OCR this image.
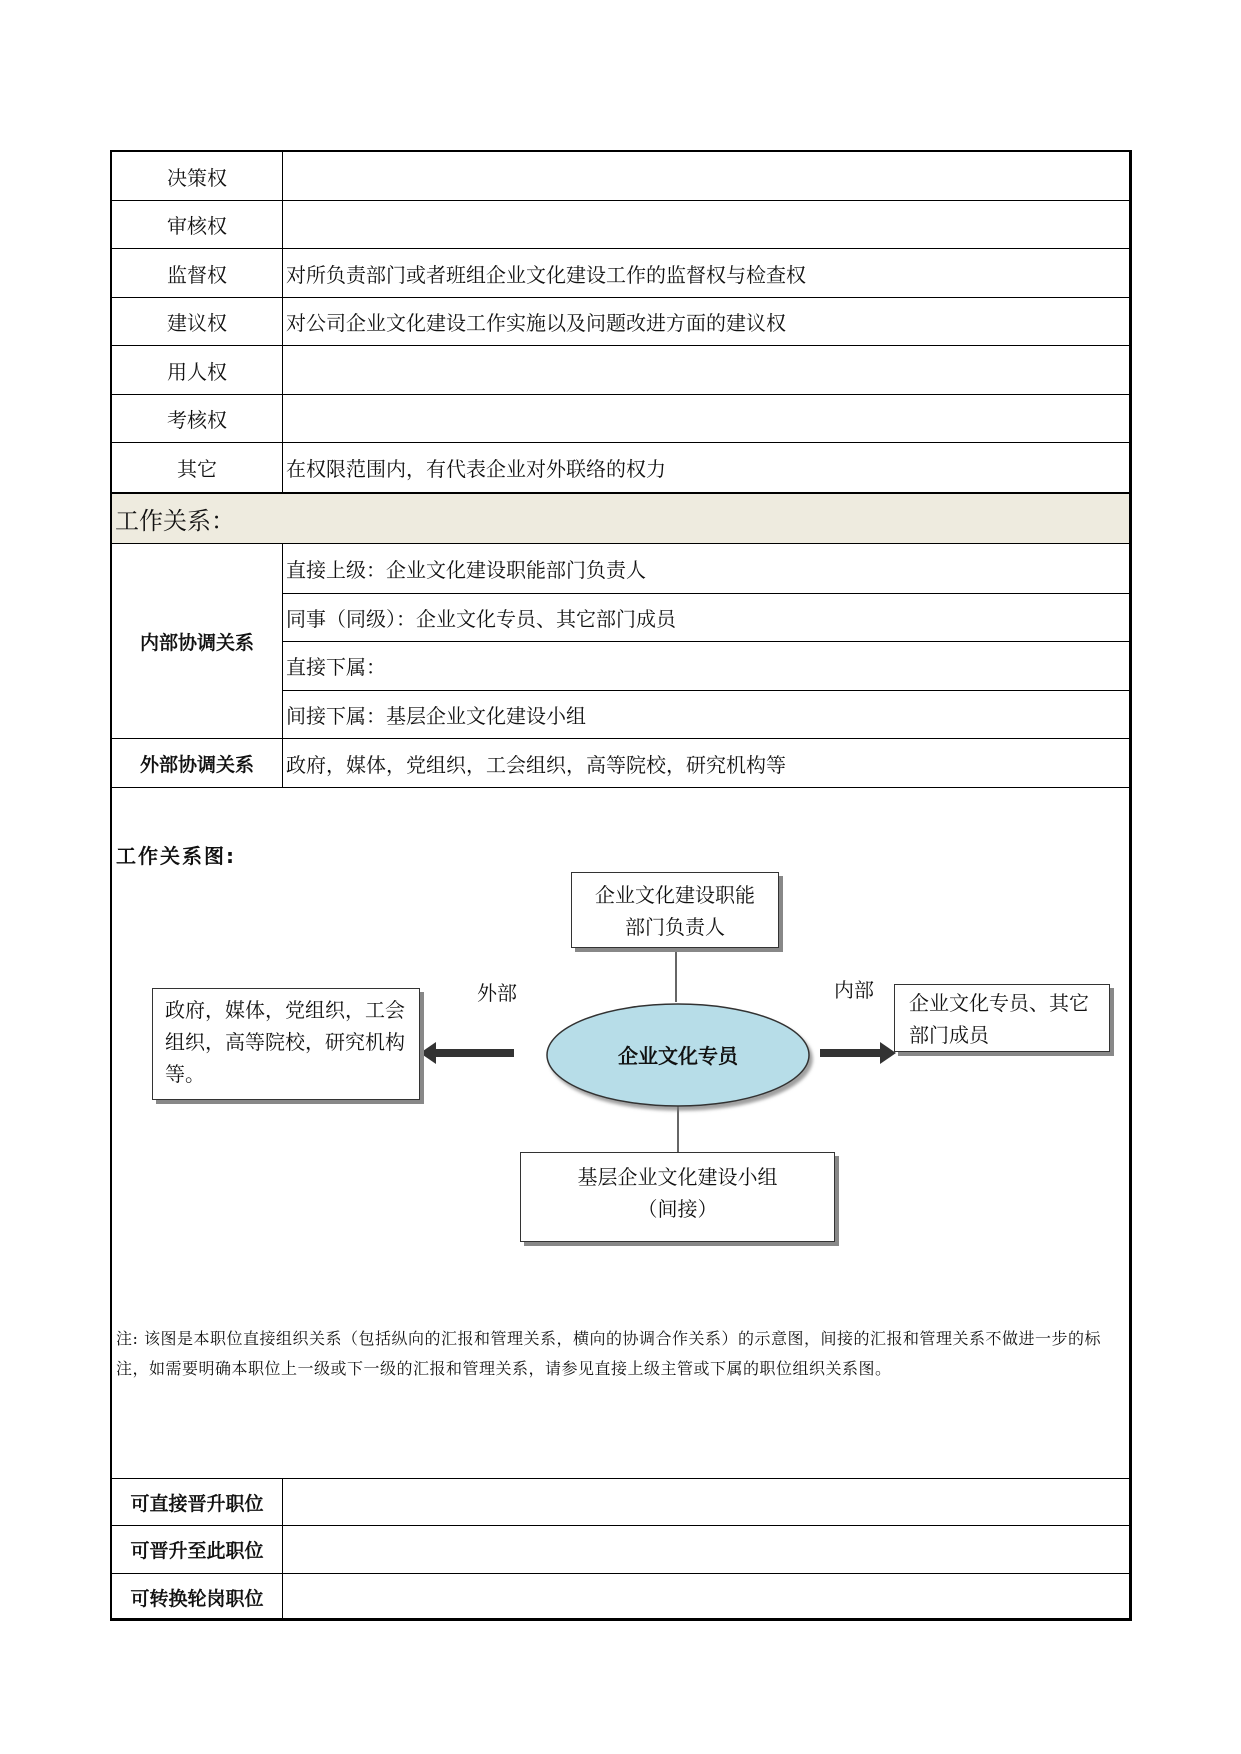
决策权
审核权
监督权	对所负责部门或者班组企业文化建设工作的监督权与检查权
建议权	对公司企业文化建设工作实施以及问题改进方面的建议权
用人权
考核权
其它	在权限范围内，有代表企业对外联络的权力
工作关系：
内部协调关系
直接上级：企业文化建设职能部门负责人
同事（同级）：企业文化专员、其它部门成员
直接下属：
间接下属：基层企业文化建设小组
外部协调关系	政府，媒体，党组织，工会组织，高等院校，研究机构等
工作关系图:
企业文化建设职能部门负责人
企业文化专员
政府，媒体，党组织，工会组织，高等院校，研究机构等。
企业文化专员、其它部门成员
基层企业文化建设小组
（间接）
外部	内部
注: 该图是本职位直接组织关系（包括纵向的汇报和管理关系，横向的协调合作关系）的示意图，间接的汇报和管理关系不做进一步的标注，如需要明确本职位上一级或下一级的汇报和管理关系，请参见直接上级主管或下属的职位组织关系图。
可直接晋升职位
可晋升至此职位
可转换轮岗职位
